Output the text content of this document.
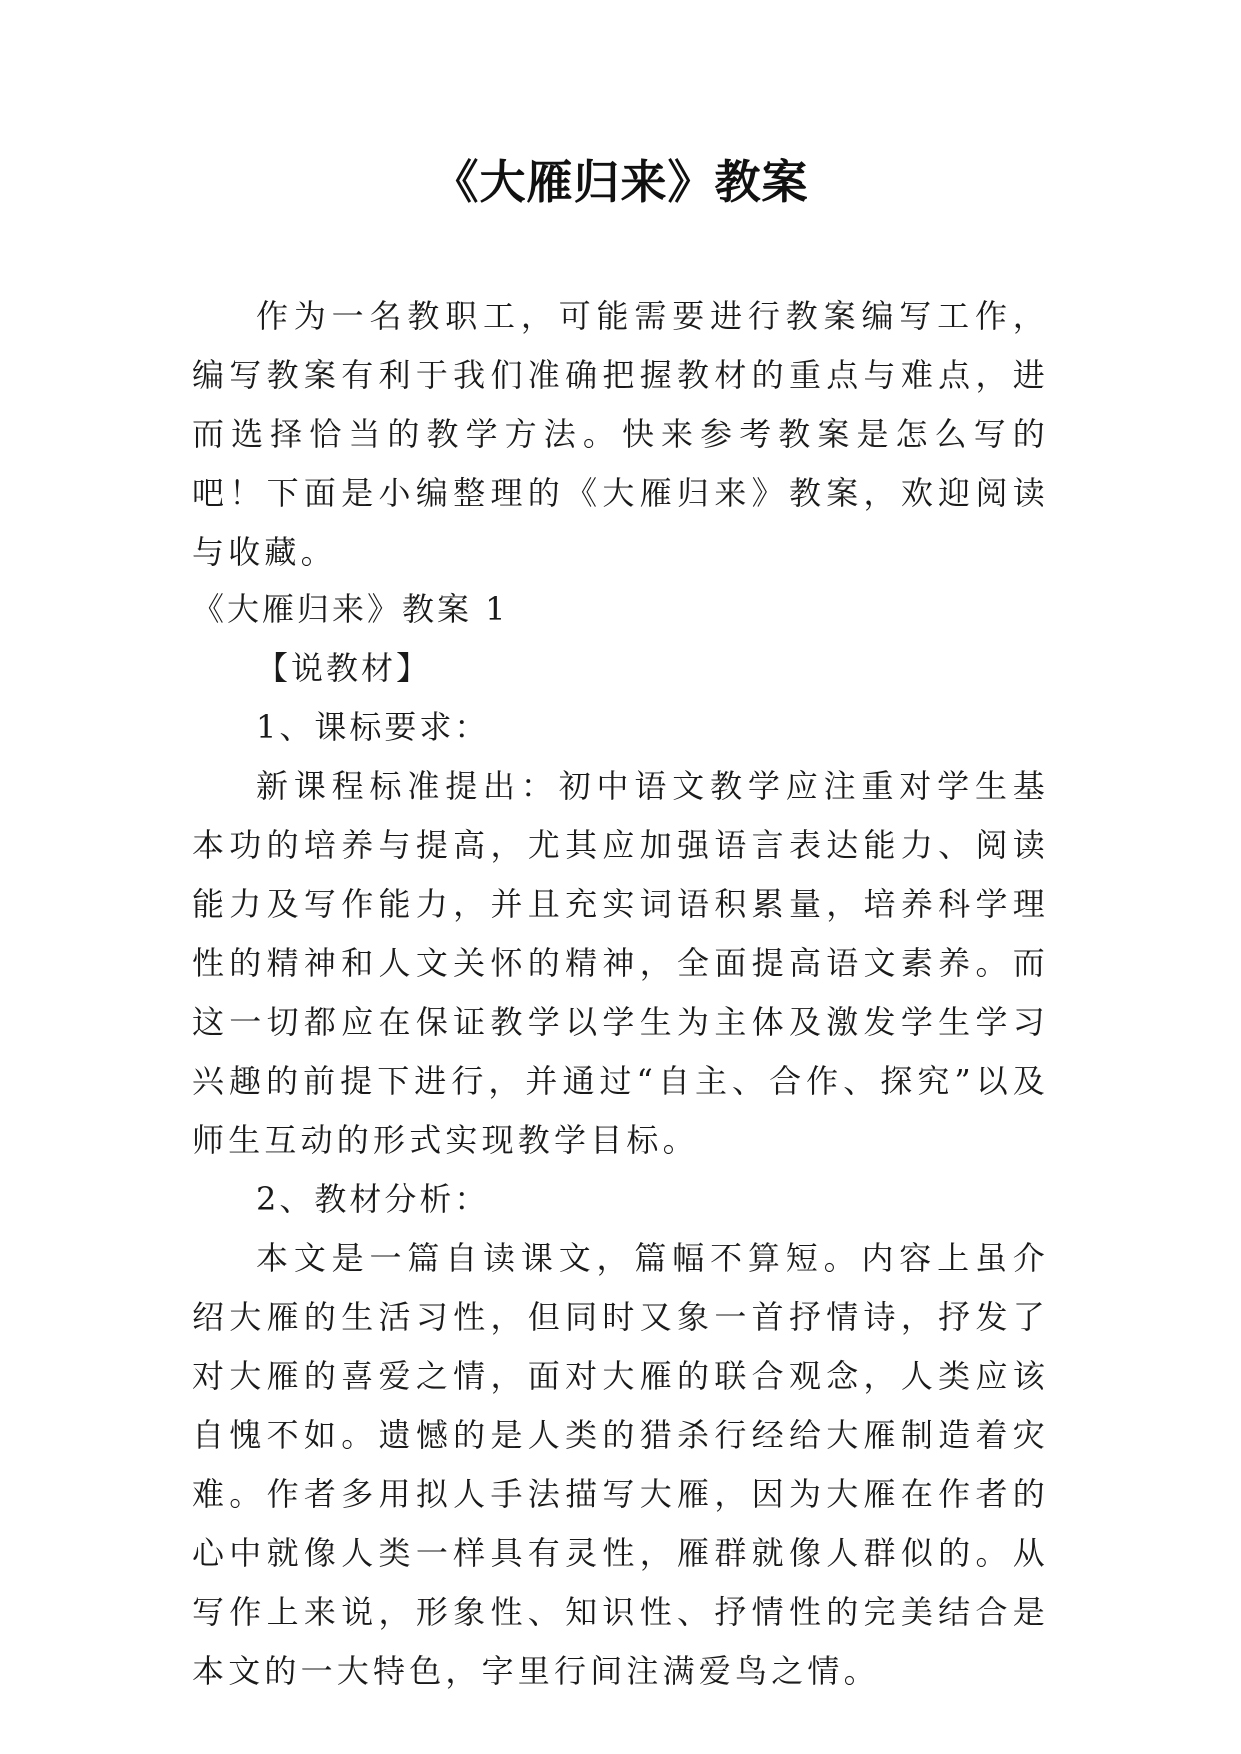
《大雁归来》教案

作为一名教职工，可能需要进行教案编写工作，编写教案有利于我们准确把握教材的重点与难点，进而选择恰当的教学方法。快来参考教案是怎么写的吧！下面是小编整理的《大雁归来》教案，欢迎阅读与收藏。

《大雁归来》教案 1

【说教材】

1、课标要求：

新课程标准提出：初中语文教学应注重对学生基本功的培养与提高，尤其应加强语言表达能力、阅读能力及写作能力，并且充实词语积累量，培养科学理性的精神和人文关怀的精神，全面提高语文素养。而这一切都应在保证教学以学生为主体及激发学生学习兴趣的前提下进行，并通过“自主、合作、探究”以及师生互动的形式实现教学目标。

2、教材分析：

本文是一篇自读课文，篇幅不算短。内容上虽介绍大雁的生活习性，但同时又象一首抒情诗，抒发了对大雁的喜爱之情，面对大雁的联合观念，人类应该自愧不如。遗憾的是人类的猎杀行经给大雁制造着灾难。作者多用拟人手法描写大雁，因为大雁在作者的心中就像人类一样具有灵性，雁群就像人群似的。从写作上来说，形象性、知识性、抒情性的完美结合是本文的一大特色，字里行间注满爱鸟之情。
